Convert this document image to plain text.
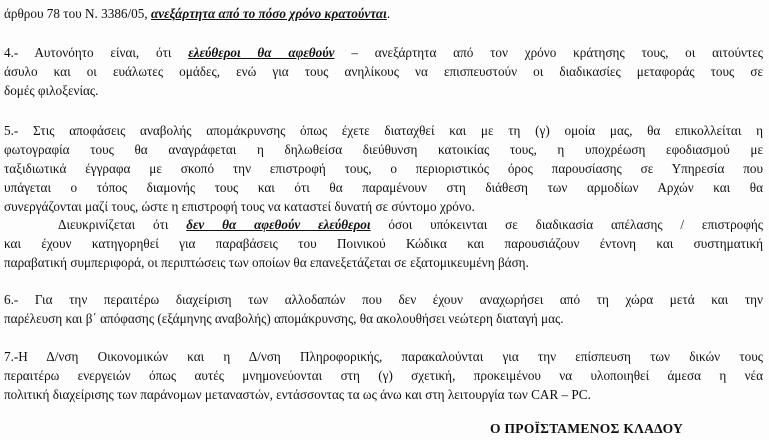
άρθρου 78 του Ν. 3386/05, ανεξάρτητα από το πόσο χρόνο κρατούνται.
4.- Αυτονόητο είναι, ότι ελεύθεροι θα αφεθούν – ανεξάρτητα από τον χρόνο κράτησης τους, οι αιτούντες
άσυλο και οι ευάλωτες ομάδες, ενώ για τους ανηλίκους να επισπευστούν οι διαδικασίες μεταφοράς τους σε
δομές φιλοξενίας.
5.- Στις αποφάσεις αναβολής απομάκρυνσης όπως έχετε διαταχθεί και με τη (γ) ομοία μας, θα επικολλείται η
φωτογραφία τους θα αναγράφεται η δηλωθείσα διεύθυνση κατοικίας τους, η υποχρέωση εφοδιασμού με
ταξιδιωτικά έγγραφα με σκοπό την επιστροφή τους, ο περιοριστικός όρος παρουσίασης σε Υπηρεσία που
υπάγεται ο τόπος διαμονής τους και ότι θα παραμένουν στη διάθεση των αρμοδίων Αρχών και θα
συνεργάζονται μαζί τους, ώστε η επιστροφή τους να καταστεί δυνατή σε σύντομο χρόνο.
Διευκρινίζεται ότι δεν θα αφεθούν ελεύθεροι όσοι υπόκεινται σε διαδικασία απέλασης / επιστροφής
και έχουν κατηγορηθεί για παραβάσεις του Ποινικού Κώδικα και παρουσιάζουν έντονη και συστηματική
παραβατική συμπεριφορά, οι περιπτώσεις των οποίων θα επανεξετάζεται σε εξατομικευμένη βάση.
6.- Για την περαιτέρω διαχείριση των αλλοδαπών που δεν έχουν αναχωρήσει από τη χώρα μετά και την
παρέλευση και β΄ απόφασης (εξάμηνης αναβολής) απομάκρυνσης, θα ακολουθήσει νεώτερη διαταγή μας.
7.-Η Δ/νση Οικονομικών και η Δ/νση Πληροφορικής, παρακαλούνται για την επίσπευση των δικών τους
περαιτέρω ενεργειών όπως αυτές μνημονεύονται στη (γ) σχετική, προκειμένου να υλοποιηθεί άμεσα η νέα
πολιτική διαχείρισης των παράνομων μεταναστών, εντάσσοντας τα ως άνω και στη λειτουργία των CAR – PC.
Ο ΠΡΟΪΣΤΑΜΕΝΟΣ ΚΛΑΔΟΥ
